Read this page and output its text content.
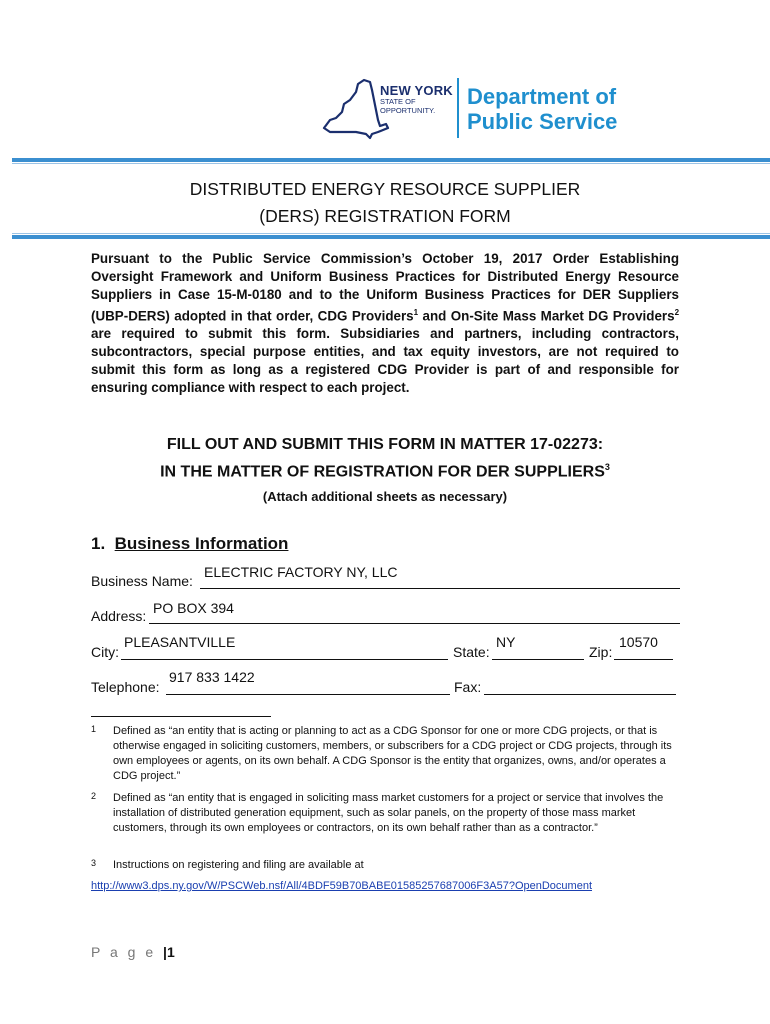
NEW YORK
STATE OF
OPPORTUNITY.
Department of
Public Service
DISTRIBUTED ENERGY RESOURCE SUPPLIER
(DERS) REGISTRATION FORM
Pursuant to the Public Service Commission’s October 19, 2017 Order Establishing Oversight Framework and Uniform Business Practices for Distributed Energy Resource Suppliers in Case 15-M-0180 and to the Uniform Business Practices for DER Suppliers (UBP-DERS) adopted in that order, CDG Providers$^1$ and On-Site Mass Market DG Providers$^2$ are required to submit this form. Subsidiaries and partners, including contractors, subcontractors, special purpose entities, and tax equity investors, are not required to submit this form as long as a registered CDG Provider is part of and responsible for ensuring compliance with respect to each project.
FILL OUT AND SUBMIT THIS FORM IN MATTER 17-02273:
IN THE MATTER OF REGISTRATION FOR DER SUPPLIERS$^3$
(Attach additional sheets as necessary)
1. Business Information
Business Name:
ELECTRIC FACTORY NY, LLC
Address: PO BOX 394
City:
PLEASANTVILLE
State:
NY
Zip:
10570
Telephone:
917 833 1422
Fax:
1 Defined as “an entity that is acting or planning to act as a CDG Sponsor for one or more CDG projects, or that is otherwise engaged in soliciting customers, members, or subscribers for a CDG project or CDG projects, through its own employees or agents, on its own behalf. A CDG Sponsor is the entity that organizes, owns, and/or operates a CDG project.”
2 Defined as “an entity that is engaged in soliciting mass market customers for a project or service that involves the installation of distributed generation equipment, such as solar panels, on the property of those mass market customers, through its own employees or contractors, on its own behalf rather than as a contractor.”
3 Instructions on registering and filing are available at
http://www3.dps.ny.gov/W/PSCWeb.nsf/All/4BDF59B70BABE01585257687006F3A57?OpenDocument
P a g e |1
